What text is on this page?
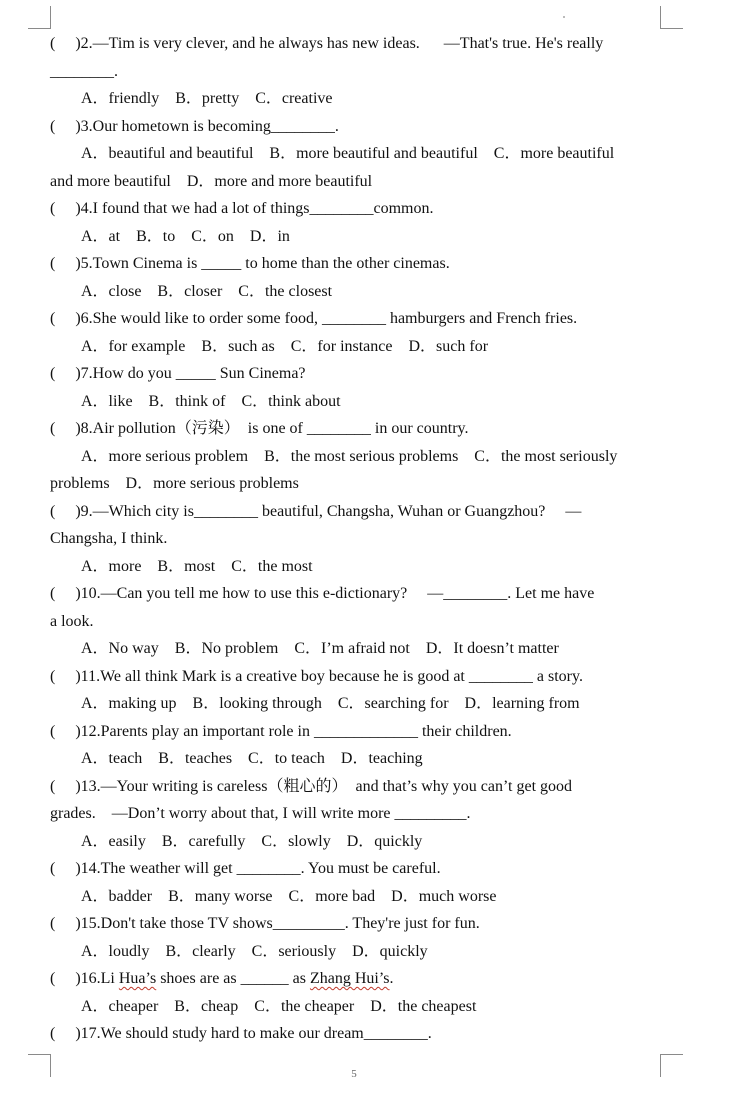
(     )2.—Tim is very clever, and he always has new ideas.      —That's true. He's really
________.
A．friendly    B．pretty    C．creative
(     )3.Our hometown is becoming________.
A．beautiful and beautiful    B．more beautiful and beautiful    C．more beautiful
and more beautiful    D．more and more beautiful
(     )4.I found that we had a lot of things________common.
A．at    B．to    C．on    D．in
(     )5.Town Cinema is _____ to home than the other cinemas.
A．close    B．closer    C．the closest
(     )6.She would like to order some food, ________ hamburgers and French fries.
A．for example    B．such as    C．for instance    D．such for
(     )7.How do you _____ Sun Cinema?
A．like    B．think of    C．think about
(     )8.Air pollution（污染）  is one of ________ in our country.
A．more serious problem    B．the most serious problems    C．the most seriously
problems    D．more serious problems
(     )9.—Which city is________ beautiful, Changsha, Wuhan or Guangzhou?     —
Changsha, I think.
A．more    B．most    C．the most
(     )10.—Can you tell me how to use this e-dictionary?     —________. Let me have
a look.
A．No way    B．No problem    C．I’m afraid not    D．It doesn’t matter
(     )11.We all think Mark is a creative boy because he is good at ________ a story.
A．making up    B．looking through    C．searching for    D．learning from
(     )12.Parents play an important role in _____________ their children.
A．teach    B．teaches    C．to teach    D．teaching
(     )13.—Your writing is careless（粗心的）  and that’s why you can’t get good
grades.    —Don’t worry about that, I will write more _________.
A．easily    B．carefully    C．slowly    D．quickly
(     )14.The weather will get ________. You must be careful.
A．badder    B．many worse    C．more bad    D．much worse
(     )15.Don't take those TV shows_________. They're just for fun.
A．loudly    B．clearly    C．seriously    D．quickly
(     )16.Li Hua’s shoes are as ______ as Zhang Hui’s.
A．cheaper    B．cheap    C．the cheaper    D．the cheapest
(     )17.We should study hard to make our dream________.
5
